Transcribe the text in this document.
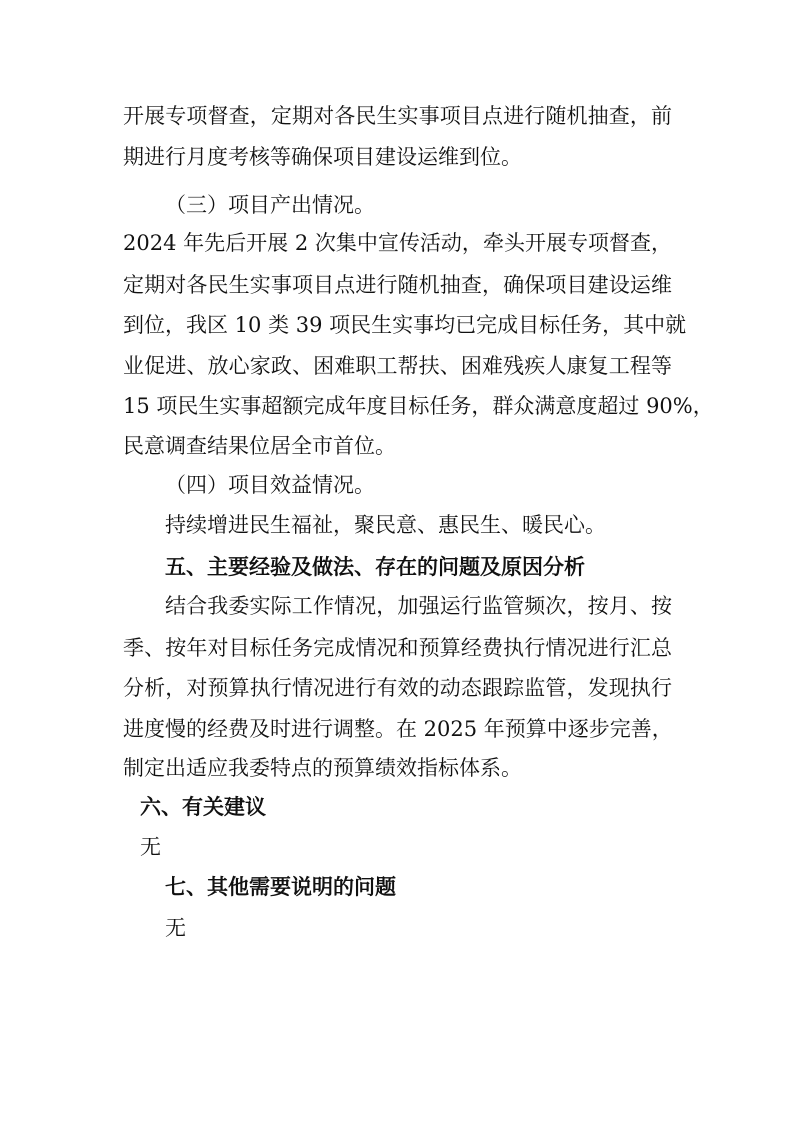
开展专项督查，定期对各民生实事项目点进行随机抽查，前

期进行月度考核等确保项目建设运维到位。

（三）项目产出情况。

2024 年先后开展 2 次集中宣传活动，牵头开展专项督查，

定期对各民生实事项目点进行随机抽查，确保项目建设运维

到位，我区 10 类 39 项民生实事均已完成目标任务，其中就

业促进、放心家政、困难职工帮扶、困难残疾人康复工程等

15 项民生实事超额完成年度目标任务，群众满意度超过 90%，

民意调查结果位居全市首位。

（四）项目效益情况。

持续增进民生福祉，聚民意、惠民生、暖民心。

五、主要经验及做法、存在的问题及原因分析

结合我委实际工作情况，加强运行监管频次，按月、按

季、按年对目标任务完成情况和预算经费执行情况进行汇总

分析，对预算执行情况进行有效的动态跟踪监管，发现执行

进度慢的经费及时进行调整。在 2025 年预算中逐步完善，

制定出适应我委特点的预算绩效指标体系。

六、有关建议

无

七、其他需要说明的问题

无
